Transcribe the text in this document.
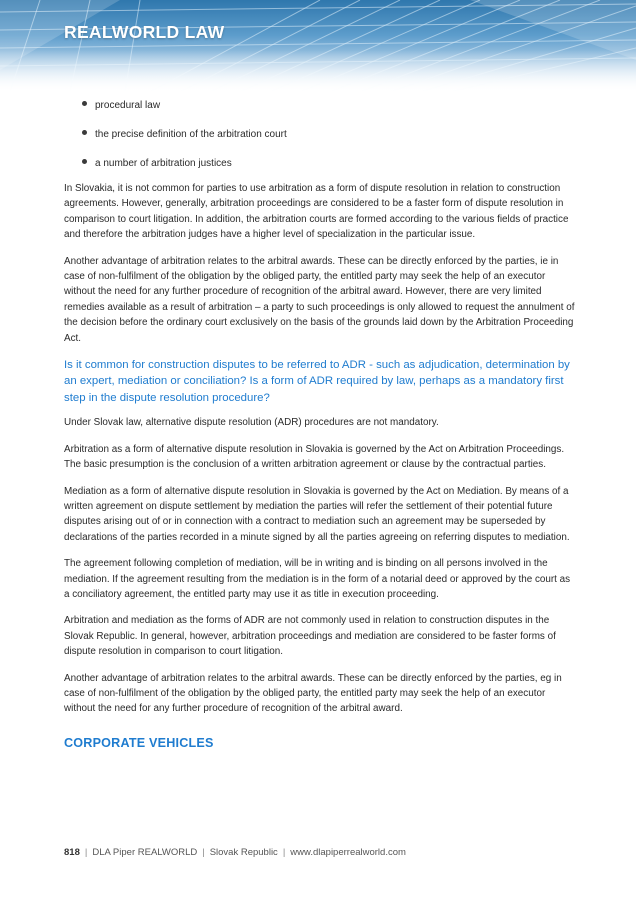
REALWORLD LAW
procedural law
the precise definition of the arbitration court
a number of arbitration justices

In Slovakia, it is not common for parties to use arbitration as a form of dispute resolution in relation to construction agreements. However, generally, arbitration proceedings are considered to be a faster form of dispute resolution in comparison to court litigation. In addition, the arbitration courts are formed according to the various fields of practice and therefore the arbitration judges have a higher level of specialization in the particular issue.

Another advantage of arbitration relates to the arbitral awards. These can be directly enforced by the parties, ie in case of non-fulfilment of the obligation by the obliged party, the entitled party may seek the help of an executor without the need for any further procedure of recognition of the arbitral award. However, there are very limited remedies available as a result of arbitration – a party to such proceedings is only allowed to request the annulment of the decision before the ordinary court exclusively on the basis of the grounds laid down by the Arbitration Proceeding Act.

Is it common for construction disputes to be referred to ADR - such as adjudication, determination by an expert, mediation or conciliation? Is a form of ADR required by law, perhaps as a mandatory first step in the dispute resolution procedure?

Under Slovak law, alternative dispute resolution (ADR) procedures are not mandatory.

Arbitration as a form of alternative dispute resolution in Slovakia is governed by the Act on Arbitration Proceedings. The basic presumption is the conclusion of a written arbitration agreement or clause by the contractual parties.

Mediation as a form of alternative dispute resolution in Slovakia is governed by the Act on Mediation. By means of a written agreement on dispute settlement by mediation the parties will refer the settlement of their potential future disputes arising out of or in connection with a contract to mediation such an agreement may be superseded by declarations of the parties recorded in a minute signed by all the parties agreeing on referring disputes to mediation.

The agreement following completion of mediation, will be in writing and is binding on all persons involved in the mediation. If the agreement resulting from the mediation is in the form of a notarial deed or approved by the court as a conciliatory agreement, the entitled party may use it as title in execution proceeding.

Arbitration and mediation as the forms of ADR are not commonly used in relation to construction disputes in the Slovak Republic. In general, however, arbitration proceedings and mediation are considered to be faster forms of dispute resolution in comparison to court litigation.

Another advantage of arbitration relates to the arbitral awards. These can be directly enforced by the parties, eg in case of non-fulfilment of the obligation by the obliged party, the entitled party may seek the help of an executor without the need for any further procedure of recognition of the arbitral award.

CORPORATE VEHICLES
818 | DLA Piper REALWORLD | Slovak Republic | www.dlapiperrealworld.com
